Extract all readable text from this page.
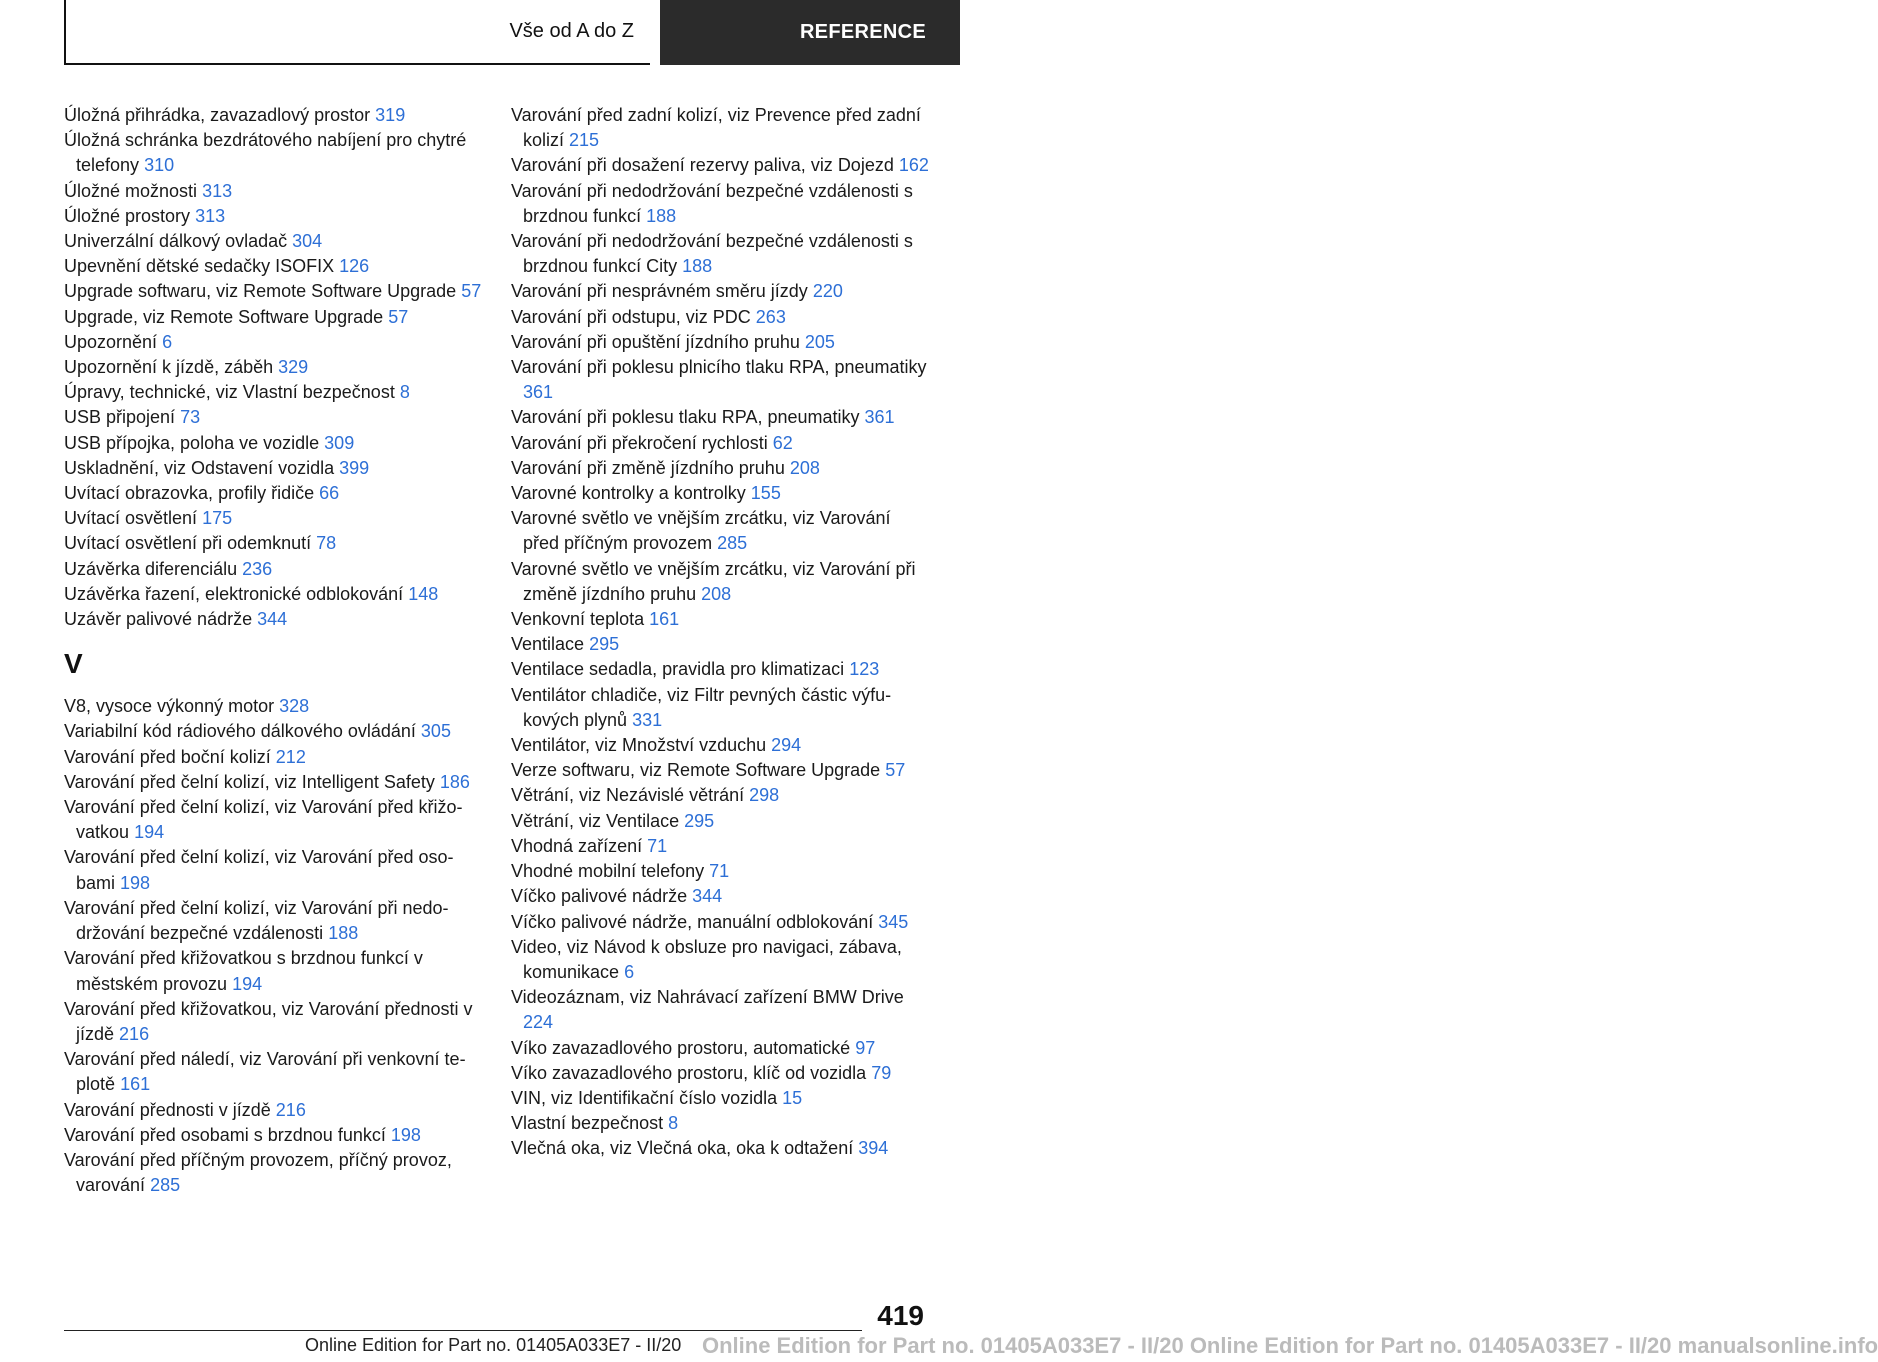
Vše od A do Z	REFERENCE
Úložná přihrádka, zavazadlový prostor 319
Úložná schránka bezdrátového nabíjení pro chytré telefony 310
Úložné možnosti 313
Úložné prostory 313
Univerzální dálkový ovladač 304
Upevnění dětské sedačky ISOFIX 126
Upgrade softwaru, viz Remote Software Upgrade 57
Upgrade, viz Remote Software Upgrade 57
Upozornění 6
Upozornění k jízdě, záběh 329
Úpravy, technické, viz Vlastní bezpečnost 8
USB připojení 73
USB přípojka, poloha ve vozidle 309
Uskladnění, viz Odstavení vozidla 399
Uvítací obrazovka, profily řidiče 66
Uvítací osvětlení 175
Uvítací osvětlení při odemknutí 78
Uzávěrka diferenciálu 236
Uzávěrka řazení, elektronické odblokování 148
Uzávěr palivové nádrže 344
V
V8, vysoce výkonný motor 328
Variabilní kód rádiového dálkového ovládání 305
Varování před boční kolizí 212
Varování před čelní kolizí, viz Intelligent Safety 186
Varování před čelní kolizí, viz Varování před křižovatkou 194
Varování před čelní kolizí, viz Varování před osobami 198
Varování před čelní kolizí, viz Varování při nedodržování bezpečné vzdálenosti 188
Varování před křižovatkou s brzdnou funkcí v městském provozu 194
Varování před křižovatkou, viz Varování přednosti v jízdě 216
Varování před náledí, viz Varování při venkovní teplotě 161
Varování přednosti v jízdě 216
Varování před osobami s brzdnou funkcí 198
Varování před příčným provozem, příčný provoz, varování 285
Varování před zadní kolizí, viz Prevence před zadní kolizí 215
Varování při dosažení rezervy paliva, viz Dojezd 162
Varování při nedodržování bezpečné vzdálenosti s brzdnou funkcí 188
Varování při nedodržování bezpečné vzdálenosti s brzdnou funkcí City 188
Varování při nesprávném směru jízdy 220
Varování při odstupu, viz PDC 263
Varování při opuštění jízdního pruhu 205
Varování při poklesu plnicího tlaku RPA, pneumatiky 361
Varování při poklesu tlaku RPA, pneumatiky 361
Varování při překročení rychlosti 62
Varování při změně jízdního pruhu 208
Varovné kontrolky a kontrolky 155
Varovné světlo ve vnějším zrcátku, viz Varování před příčným provozem 285
Varovné světlo ve vnějším zrcátku, viz Varování při změně jízdního pruhu 208
Venkovní teplota 161
Ventilace 295
Ventilace sedadla, pravidla pro klimatizaci 123
Ventilátor chladiče, viz Filtr pevných částic výfukových plynů 331
Ventilátor, viz Množství vzduchu 294
Verze softwaru, viz Remote Software Upgrade 57
Větrání, viz Nezávislé větrání 298
Větrání, viz Ventilace 295
Vhodná zařízení 71
Vhodné mobilní telefony 71
Víčko palivové nádrže 344
Víčko palivové nádrže, manuální odblokování 345
Video, viz Návod k obsluze pro navigaci, zábava, komunikace 6
Videozáznam, viz Nahrávací zařízení BMW Drive 224
Víko zavazadlového prostoru, automatické 97
Víko zavazadlového prostoru, klíč od vozidla 79
VIN, viz Identifikační číslo vozidla 15
Vlastní bezpečnost 8
Vlečná oka, viz Vlečná oka, oka k odtažení 394
419
Online Edition for Part no. 01405A033E7 - II/20 Online Edition for Part no. 01405A033E7 - II/20 Online Edition for Part no. 01405A033E7 - II/20 manualsonline.info
